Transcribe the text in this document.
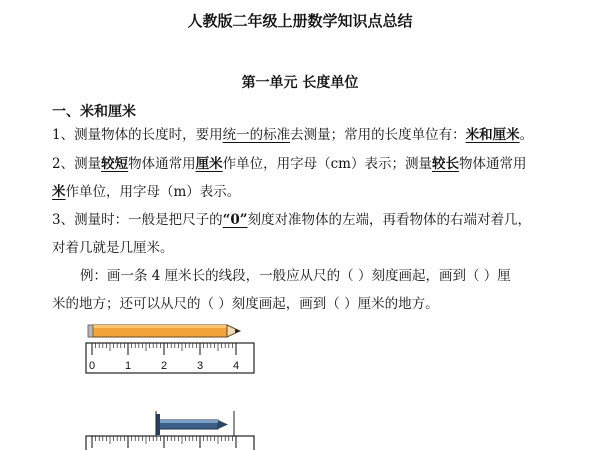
人教版二年级上册数学知识点总结
第一单元 长度单位
一、米和厘米
1、测量物体的长度时，要用统一的标准去测量；常用的长度单位有：米和厘米。
2、测量较短物体通常用厘米作单位，用字母（cm）表示；测量较长物体通常用
米作单位，用字母（m）表示。
3、测量时：一般是把尺子的“0”刻度对准物体的左端，再看物体的右端对着几，
对着几就是几厘米。
例：画一条 4 厘米长的线段，一般应从尺的（ ）刻度画起，画到（ ）厘
米的地方；还可以从尺的（ ）刻度画起，画到（ ）厘米的地方。
0	1	2	3	4
